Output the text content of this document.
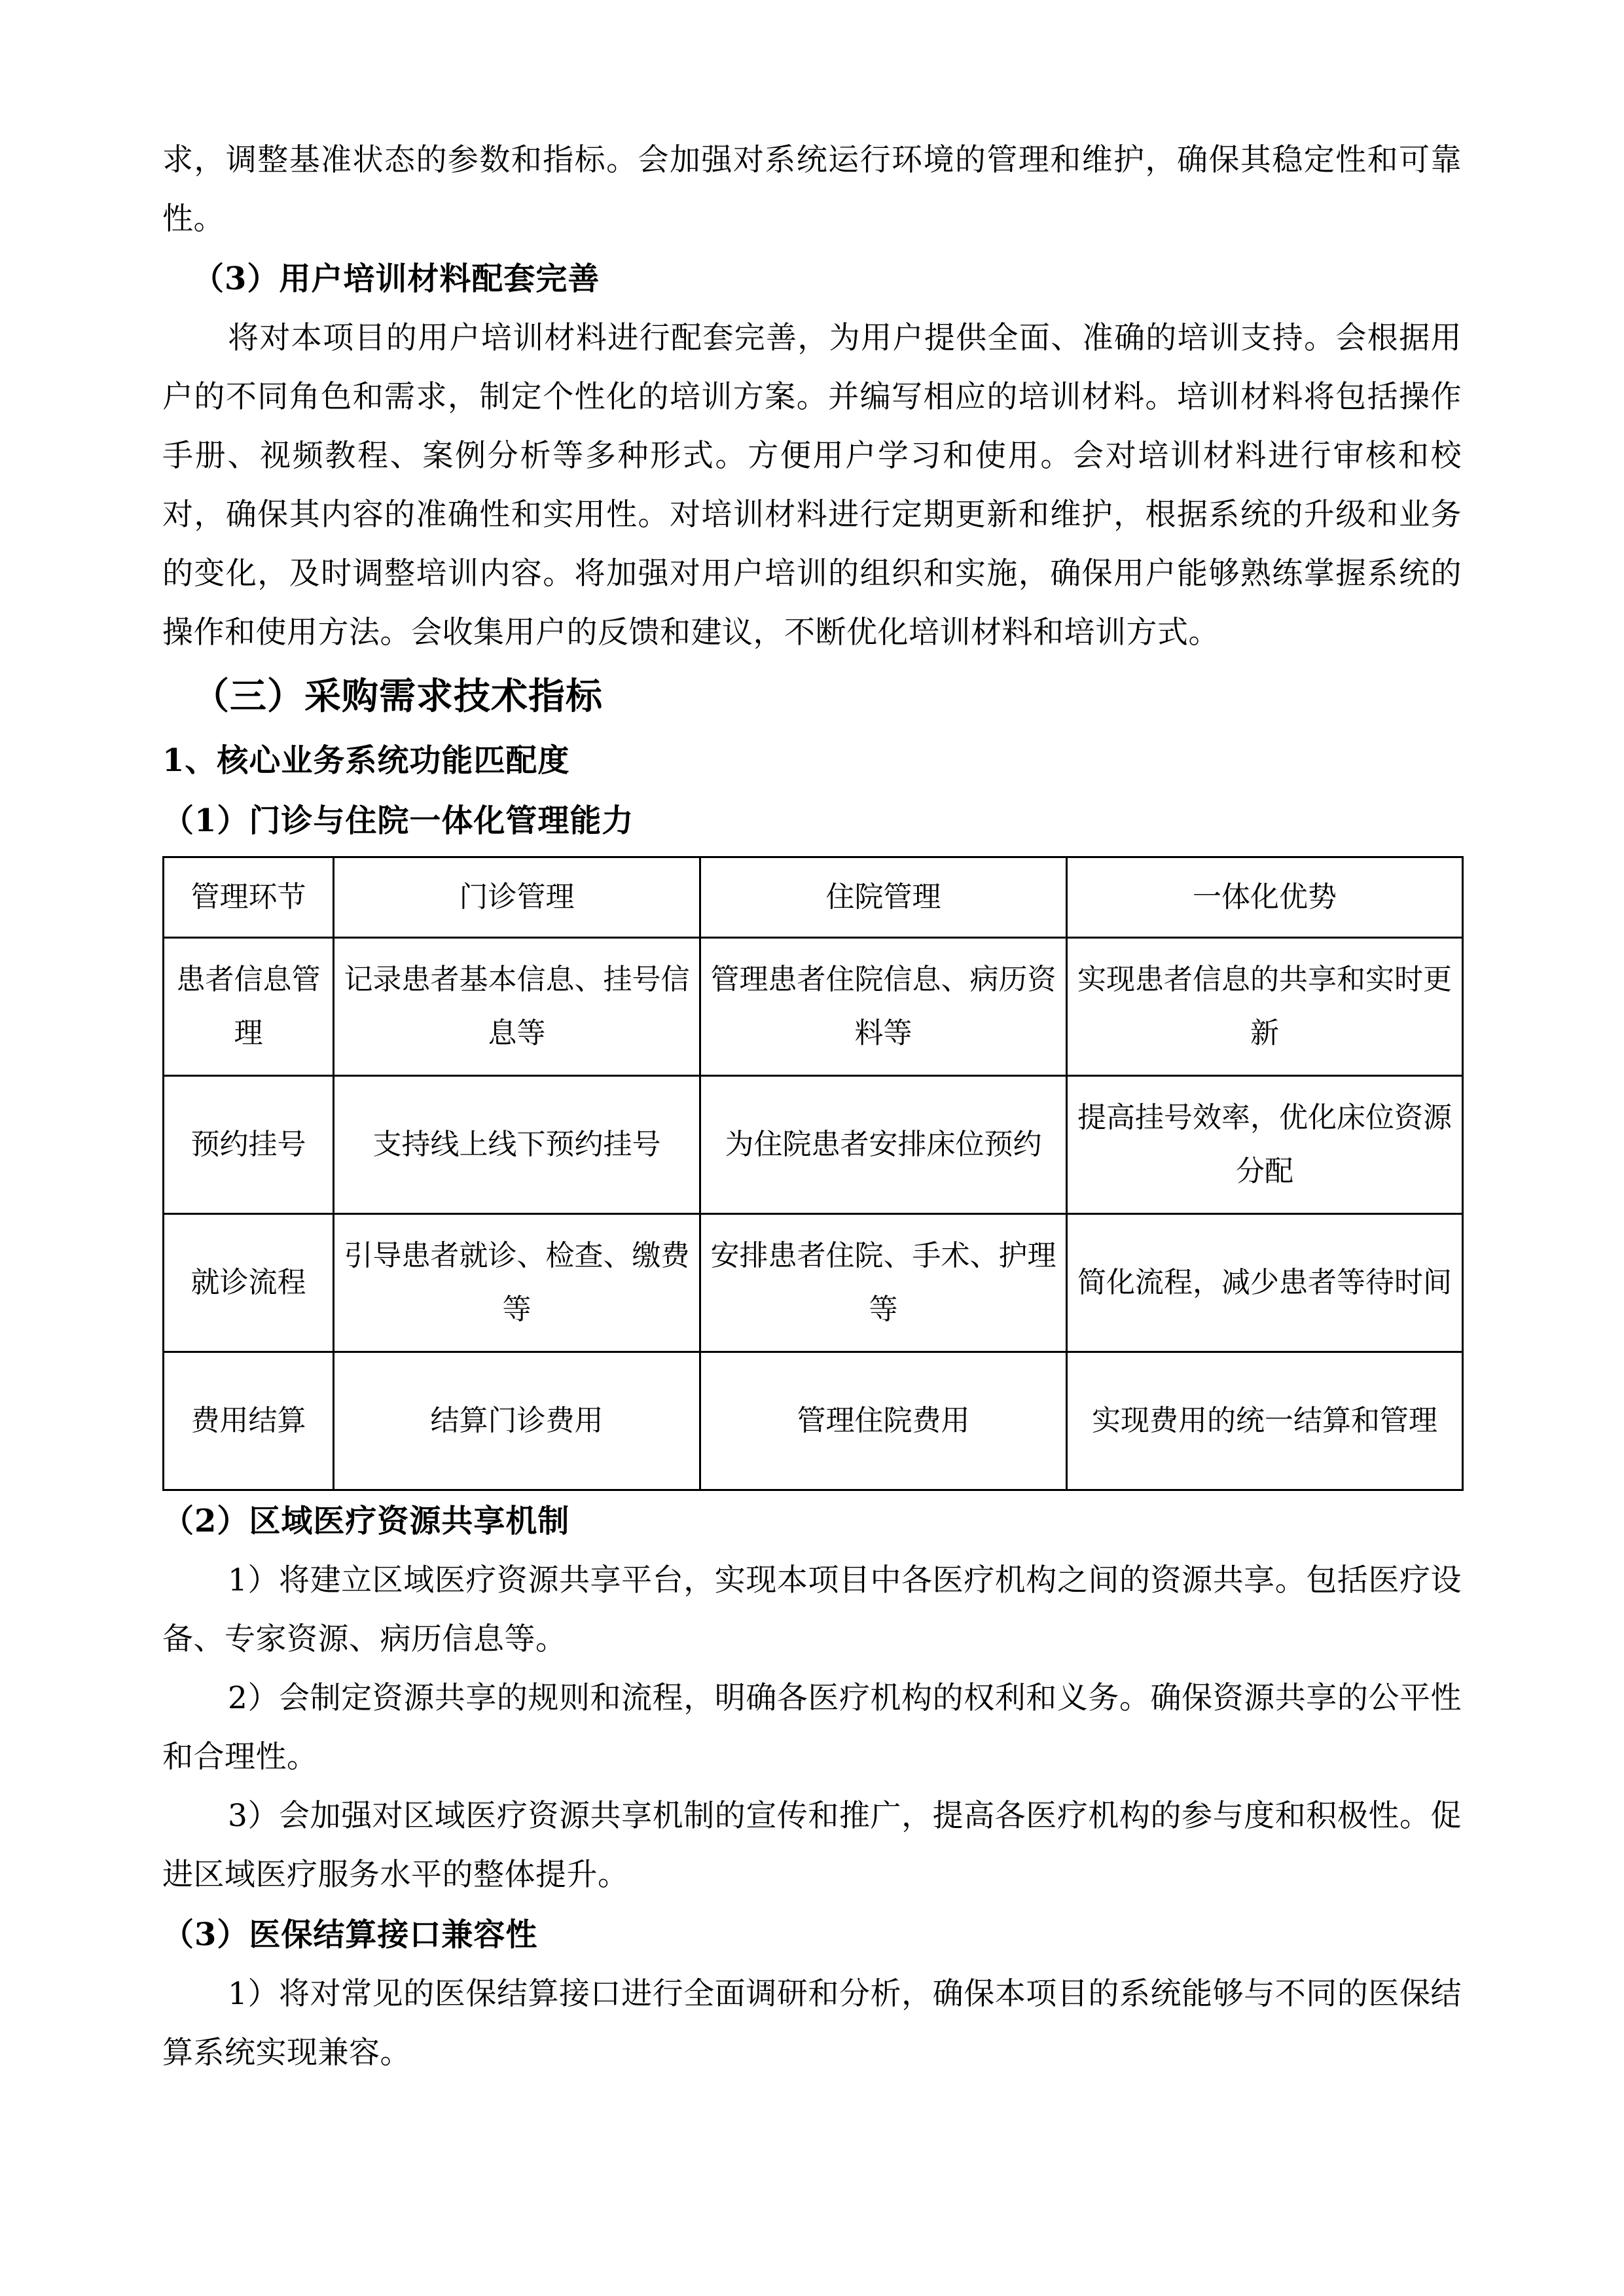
求，调整基准状态的参数和指标。会加强对系统运行环境的管理和维护，确保其稳定性和可靠性。

（3）用户培训材料配套完善

将对本项目的用户培训材料进行配套完善，为用户提供全面、准确的培训支持。会根据用户的不同角色和需求，制定个性化的培训方案。并编写相应的培训材料。培训材料将包括操作手册、视频教程、案例分析等多种形式。方便用户学习和使用。会对培训材料进行审核和校对，确保其内容的准确性和实用性。对培训材料进行定期更新和维护，根据系统的升级和业务的变化，及时调整培训内容。将加强对用户培训的组织和实施，确保用户能够熟练掌握系统的操作和使用方法。会收集用户的反馈和建议，不断优化培训材料和培训方式。

（三）采购需求技术指标

1、核心业务系统功能匹配度

（1）门诊与住院一体化管理能力

管理环节	门诊管理	住院管理	一体化优势
患者信息管理	记录患者基本信息、挂号信息等	管理患者住院信息、病历资料等	实现患者信息的共享和实时更新
预约挂号	支持线上线下预约挂号	为住院患者安排床位预约	提高挂号效率，优化床位资源分配
就诊流程	引导患者就诊、检查、缴费等	安排患者住院、手术、护理等	简化流程，减少患者等待时间
费用结算	结算门诊费用	管理住院费用	实现费用的统一结算和管理

（2）区域医疗资源共享机制

1）将建立区域医疗资源共享平台，实现本项目中各医疗机构之间的资源共享。包括医疗设备、专家资源、病历信息等。

2）会制定资源共享的规则和流程，明确各医疗机构的权利和义务。确保资源共享的公平性和合理性。

3）会加强对区域医疗资源共享机制的宣传和推广，提高各医疗机构的参与度和积极性。促进区域医疗服务水平的整体提升。

（3）医保结算接口兼容性

1）将对常见的医保结算接口进行全面调研和分析，确保本项目的系统能够与不同的医保结算系统实现兼容。
